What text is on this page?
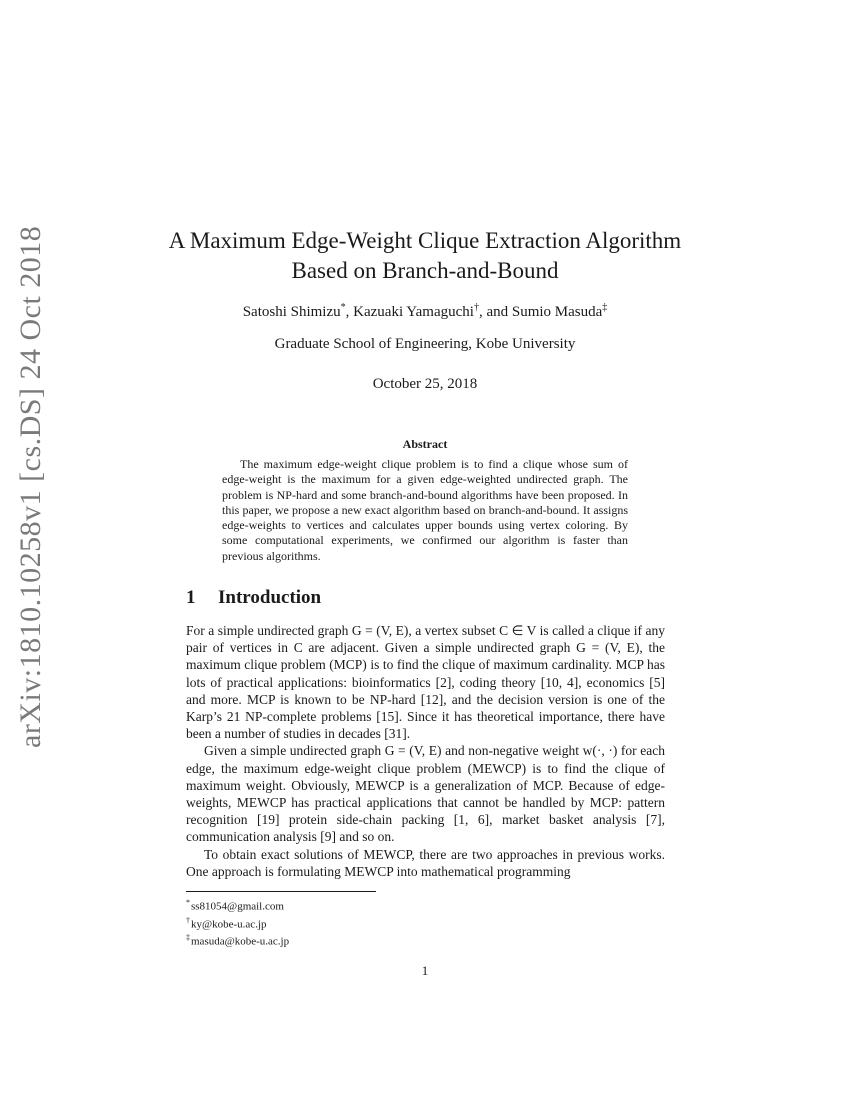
arXiv:1810.10258v1 [cs.DS] 24 Oct 2018	A Maximum Edge-Weight Clique Extraction Algorithm Based on Branch-and-Bound
Satoshi Shimizu*, Kazuaki Yamaguchi†, and Sumio Masuda‡
Graduate School of Engineering, Kobe University
October 25, 2018
Abstract

The maximum edge-weight clique problem is to find a clique whose sum of edge-weight is the maximum for a given edge-weighted undirected graph. The problem is NP-hard and some branch-and-bound algorithms have been proposed. In this paper, we propose a new exact algorithm based on branch-and-bound. It assigns edge-weights to vertices and calculates upper bounds using vertex coloring. By some computational experiments, we confirmed our algorithm is faster than previous algorithms.

1 Introduction

For a simple undirected graph G = (V, E), a vertex subset C ∈ V is called a clique if any pair of vertices in C are adjacent. Given a simple undirected graph G = (V, E), the maximum clique problem (MCP) is to find the clique of maximum cardinality. MCP has lots of practical applications: bioinformatics [2], coding theory [10, 4], economics [5] and more. MCP is known to be NP-hard [12], and the decision version is one of the Karp’s 21 NP-complete problems [15]. Since it has theoretical importance, there have been a number of studies in decades [31].

Given a simple undirected graph G = (V, E) and non-negative weight w(·, ·) for each edge, the maximum edge-weight clique problem (MEWCP) is to find the clique of maximum weight. Obviously, MEWCP is a generalization of MCP. Because of edge-weights, MEWCP has practical applications that cannot be handled by MCP: pattern recognition [19] protein side-chain packing [1, 6], market basket analysis [7], communication analysis [9] and so on.

To obtain exact solutions of MEWCP, there are two approaches in previous works. One approach is formulating MEWCP into mathematical programming

*ss81054@gmail.com
†ky@kobe-u.ac.jp
‡masuda@kobe-u.ac.jp
1
